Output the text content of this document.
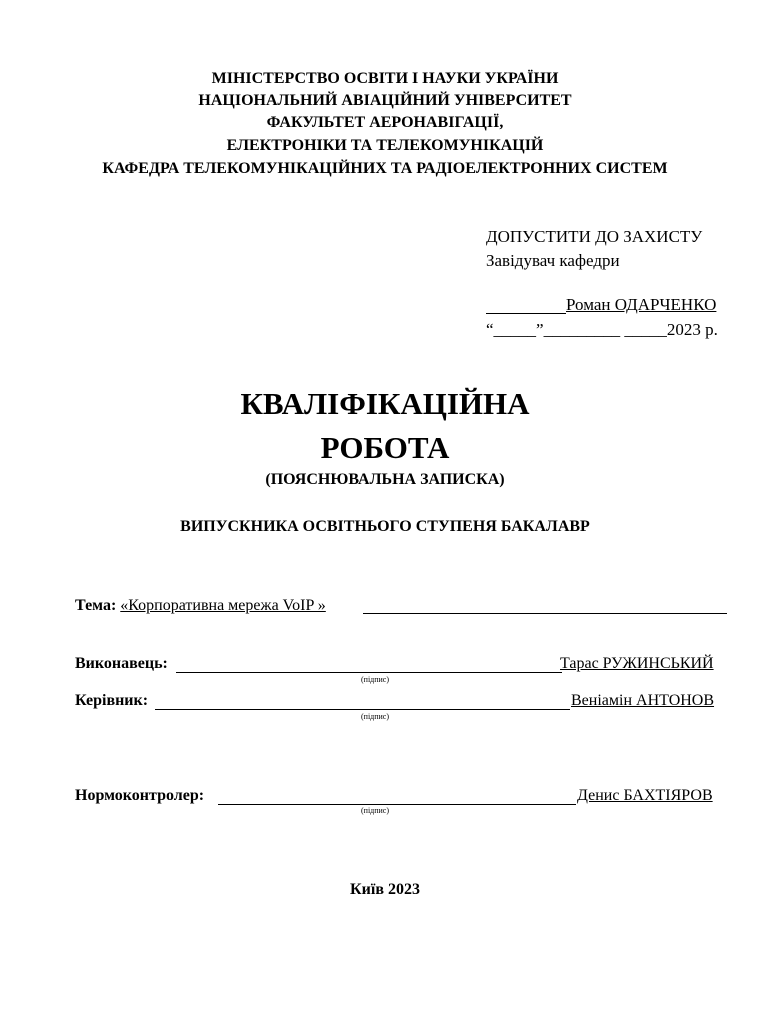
МІНІСТЕРСТВО ОСВІТИ І НАУКИ УКРАЇНИ
НАЦІОНАЛЬНИЙ АВІАЦІЙНИЙ УНІВЕРСИТЕТ
ФАКУЛЬТЕТ АЕРОНАВІГАЦІЇ,
ЕЛЕКТРОНІКИ ТА ТЕЛЕКОМУНІКАЦІЙ
КАФЕДРА ТЕЛЕКОМУНІКАЦІЙНИХ ТА РАДІОЕЛЕКТРОННИХ СИСТЕМ
ДОПУСТИТИ ДО ЗАХИСТУ
Завідувач кафедри
Роман ОДАРЧЕНКО
“_____”_________ _____2023 р.
КВАЛІФІКАЦІЙНА
РОБОТА
(ПОЯСНЮВАЛЬНА ЗАПИСКА)
ВИПУСКНИКА ОСВІТНЬОГО СТУПЕНЯ БАКАЛАВР
Тема: «Корпоративна мережа VoIP »
Виконавець:	Тарас РУЖИНСЬКИЙ
(підпис)
Керівник:	Веніамін АНТОНОВ
(підпис)
Нормоконтролер:	Денис БАХТІЯРОВ
(підпис)
Київ 2023
